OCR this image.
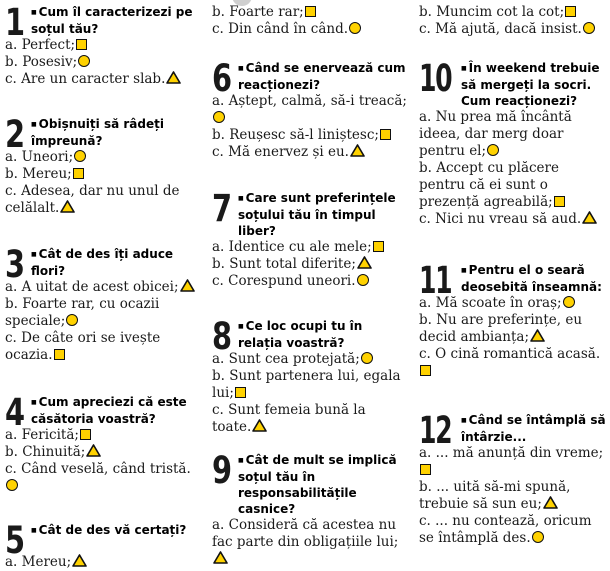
1	■ Cum îl caracterizezi pe soțul tău?
a. Perfect;
b. Posesiv;
c. Are un caracter slab.
2	■ Obișnuiți să râdeți împreună?
a. Uneori;
b. Mereu;
c. Adesea, dar nu unul de celălalt.
3	■ Cât de des îți aduce flori?
a. A uitat de acest obicei;
b. Foarte rar, cu ocazii speciale;
c. De câte ori se ivește ocazia.
4	■ Cum apreciezi că este căsătoria voastră?
a. Fericită;
b. Chinuită;
c. Când veselă, când tristă.
5	■ Cât de des vă certați?
a. Mereu;
b. Foarte rar;
c. Din când în când.
6	■ Când se enervează cum reacționezi?
a. Aștept, calmă, să-i treacă;
b. Reușesc să-l liniștesc;
c. Mă enervez și eu.
7	■ Care sunt preferințele soțului tău în timpul liber?
a. Identice cu ale mele;
b. Sunt total diferite;
c. Corespund uneori.
8	■ Ce loc ocupi tu în relația voastră?
a. Sunt cea protejată;
b. Sunt partenera lui, egala lui;
c. Sunt femeia bună la toate.
9	■ Cât de mult se implică soțul tău în responsabilitățile casnice?
a. Consideră că acestea nu fac parte din obligațiile lui;
b. Muncim cot la cot;
c. Mă ajută, dacă insist.
10	■ În weekend trebuie să mergeți la socri. Cum reacționezi?
a. Nu prea mă încântă ideea, dar merg doar pentru el;
b. Accept cu plăcere pentru că ei sunt o prezență agreabilă;
c. Nici nu vreau să aud.
11	■ Pentru el o seară deosebită înseamnă:
a. Mă scoate în oraș;
b. Nu are preferințe, eu decid ambianța;
c. O cină romantică acasă.
12	■ Când se întâmplă să întârzie...
a. ... mă anunță din vreme;
b. ... uită să-mi spună, trebuie să sun eu;
c. ... nu contează, oricum se întâmplă des.
